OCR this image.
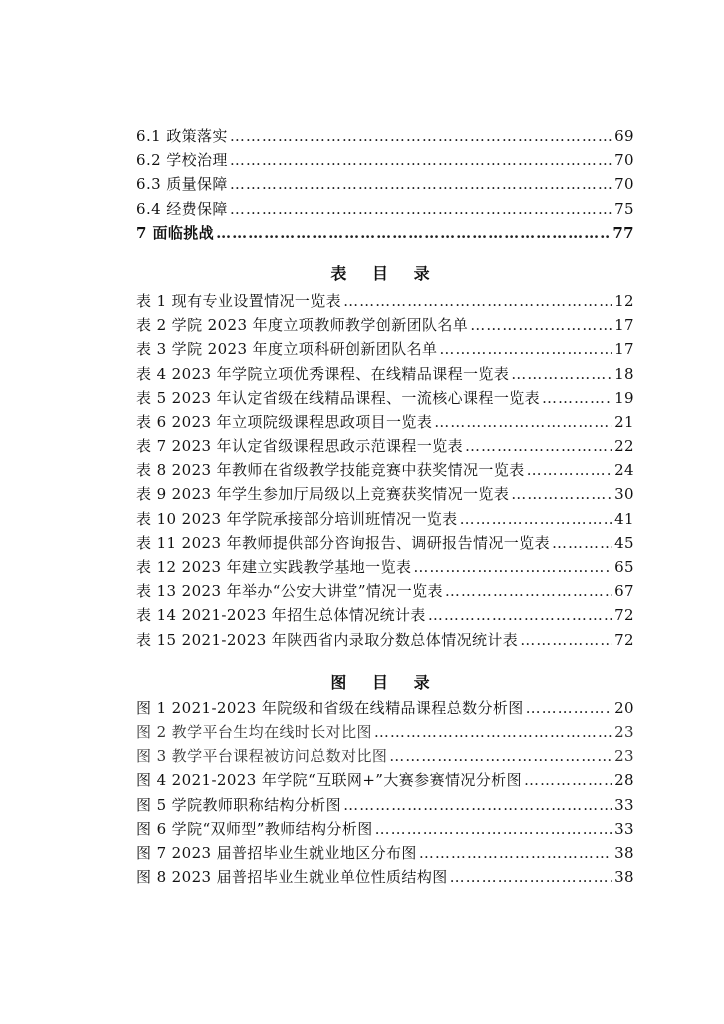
6.1 政策落实 ………………………………………………………………………………………………………………………………………………………………………………………………	69
6.2 学校治理 ………………………………………………………………………………………………………………………………………………………………………………………………	70
6.3 质量保障 ………………………………………………………………………………………………………………………………………………………………………………………………	70
6.4 经费保障 ………………………………………………………………………………………………………………………………………………………………………………………………	75
7 面临挑战 ………………………………………………………………………………………………………………………………………………………………………………………………	77
表 目 录
表 1 现有专业设置情况一览表 ………………………………………………………………………………………………………………………………………………………………………………………………	12
表 2 学院 2023 年度立项教师教学创新团队名单 ………………………………………………………………………………………………………………………………………………………………………………………………	17
表 3 学院 2023 年度立项科研创新团队名单 ………………………………………………………………………………………………………………………………………………………………………………………………	17
表 4 2023 年学院立项优秀课程、在线精品课程一览表 ………………………………………………………………………………………………………………………………………………………………………………………………	18
表 5 2023 年认定省级在线精品课程、一流核心课程一览表 ………………………………………………………………………………………………………………………………………………………………………………………………	19
表 6 2023 年立项院级课程思政项目一览表 ………………………………………………………………………………………………………………………………………………………………………………………………	21
表 7 2023 年认定省级课程思政示范课程一览表 ………………………………………………………………………………………………………………………………………………………………………………………………	22
表 8 2023 年教师在省级教学技能竞赛中获奖情况一览表 ………………………………………………………………………………………………………………………………………………………………………………………………	24
表 9 2023 年学生参加厅局级以上竞赛获奖情况一览表 ………………………………………………………………………………………………………………………………………………………………………………………………	30
表 10 2023 年学院承接部分培训班情况一览表 ………………………………………………………………………………………………………………………………………………………………………………………………	41
表 11 2023 年教师提供部分咨询报告、调研报告情况一览表 ………………………………………………………………………………………………………………………………………………………………………………………………	45
表 12 2023 年建立实践教学基地一览表 ………………………………………………………………………………………………………………………………………………………………………………………………	65
表 13 2023 年举办“公安大讲堂”情况一览表 ………………………………………………………………………………………………………………………………………………………………………………………………	67
表 14 2021-2023 年招生总体情况统计表 ………………………………………………………………………………………………………………………………………………………………………………………………	72
表 15 2021-2023 年陕西省内录取分数总体情况统计表 ………………………………………………………………………………………………………………………………………………………………………………………………	72
图 目 录
图 1 2021-2023 年院级和省级在线精品课程总数分析图 ………………………………………………………………………………………………………………………………………………………………………………………………	20
图 2 教学平台生均在线时长对比图 ………………………………………………………………………………………………………………………………………………………………………………………………	23
图 3 教学平台课程被访问总数对比图 ………………………………………………………………………………………………………………………………………………………………………………………………	23
图 4 2021-2023 年学院“互联网+”大赛参赛情况分析图 ………………………………………………………………………………………………………………………………………………………………………………………………	28
图 5 学院教师职称结构分析图 ………………………………………………………………………………………………………………………………………………………………………………………………	33
图 6 学院“双师型”教师结构分析图 ………………………………………………………………………………………………………………………………………………………………………………………………	33
图 7 2023 届普招毕业生就业地区分布图 ………………………………………………………………………………………………………………………………………………………………………………………………	38
图 8 2023 届普招毕业生就业单位性质结构图 ………………………………………………………………………………………………………………………………………………………………………………………………	38
